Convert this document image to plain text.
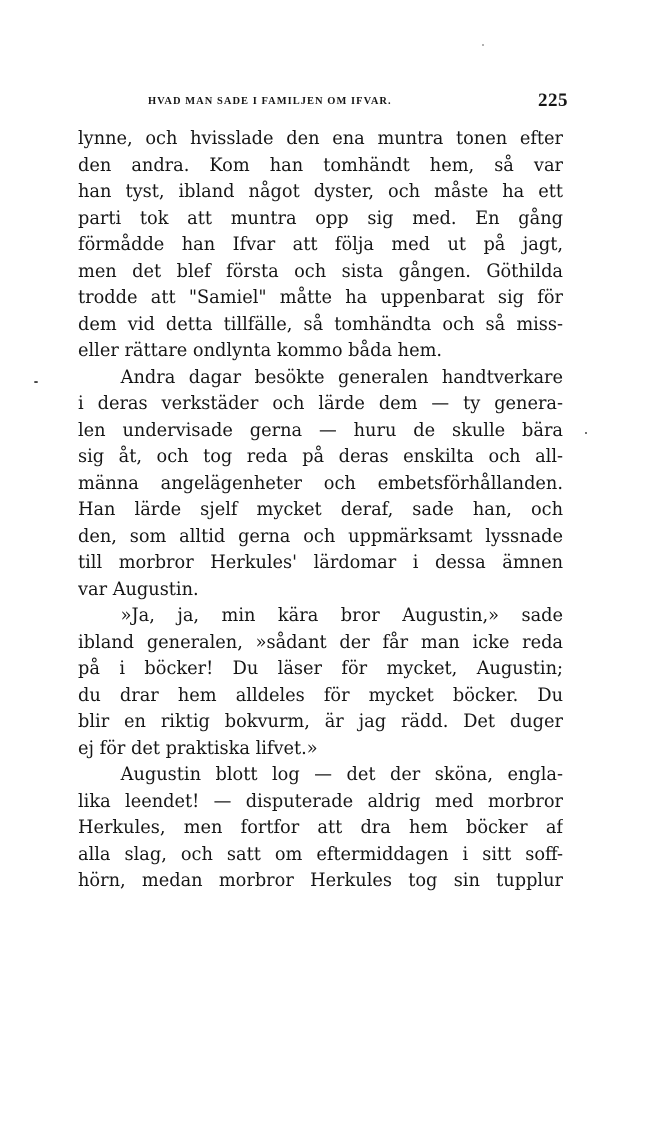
HVAD MAN SADE I FAMILJEN OM IFVAR.	225
lynne, och hvisslade den ena muntra tonen efter
den andra. Kom han tomhändt hem, så var
han tyst, ibland något dyster, och måste ha ett
parti tok att muntra opp sig med. En gång
förmådde han Ifvar att följa med ut på jagt,
men det blef första och sista gången. Göthilda
trodde att "Samiel" måtte ha uppenbarat sig för
dem vid detta tillfälle, så tomhändta och så miss-
eller rättare ondlynta kommo båda hem.
Andra dagar besökte generalen handtverkare
i deras verkstäder och lärde dem — ty genera-
len undervisade gerna — huru de skulle bära
sig åt, och tog reda på deras enskilta och all-
männa angelägenheter och embetsförhållanden.
Han lärde sjelf mycket deraf, sade han, och
den, som alltid gerna och uppmärksamt lyssnade
till morbror Herkules' lärdomar i dessa ämnen
var Augustin.
»Ja, ja, min kära bror Augustin,» sade
ibland generalen, »sådant der får man icke reda
på i böcker! Du läser för mycket, Augustin;
du drar hem alldeles för mycket böcker. Du
blir en riktig bokvurm, är jag rädd. Det duger
ej för det praktiska lifvet.»
Augustin blott log — det der sköna, engla-
lika leendet! — disputerade aldrig med morbror
Herkules, men fortfor att dra hem böcker af
alla slag, och satt om eftermiddagen i sitt soff-
hörn, medan morbror Herkules tog sin tupplur
